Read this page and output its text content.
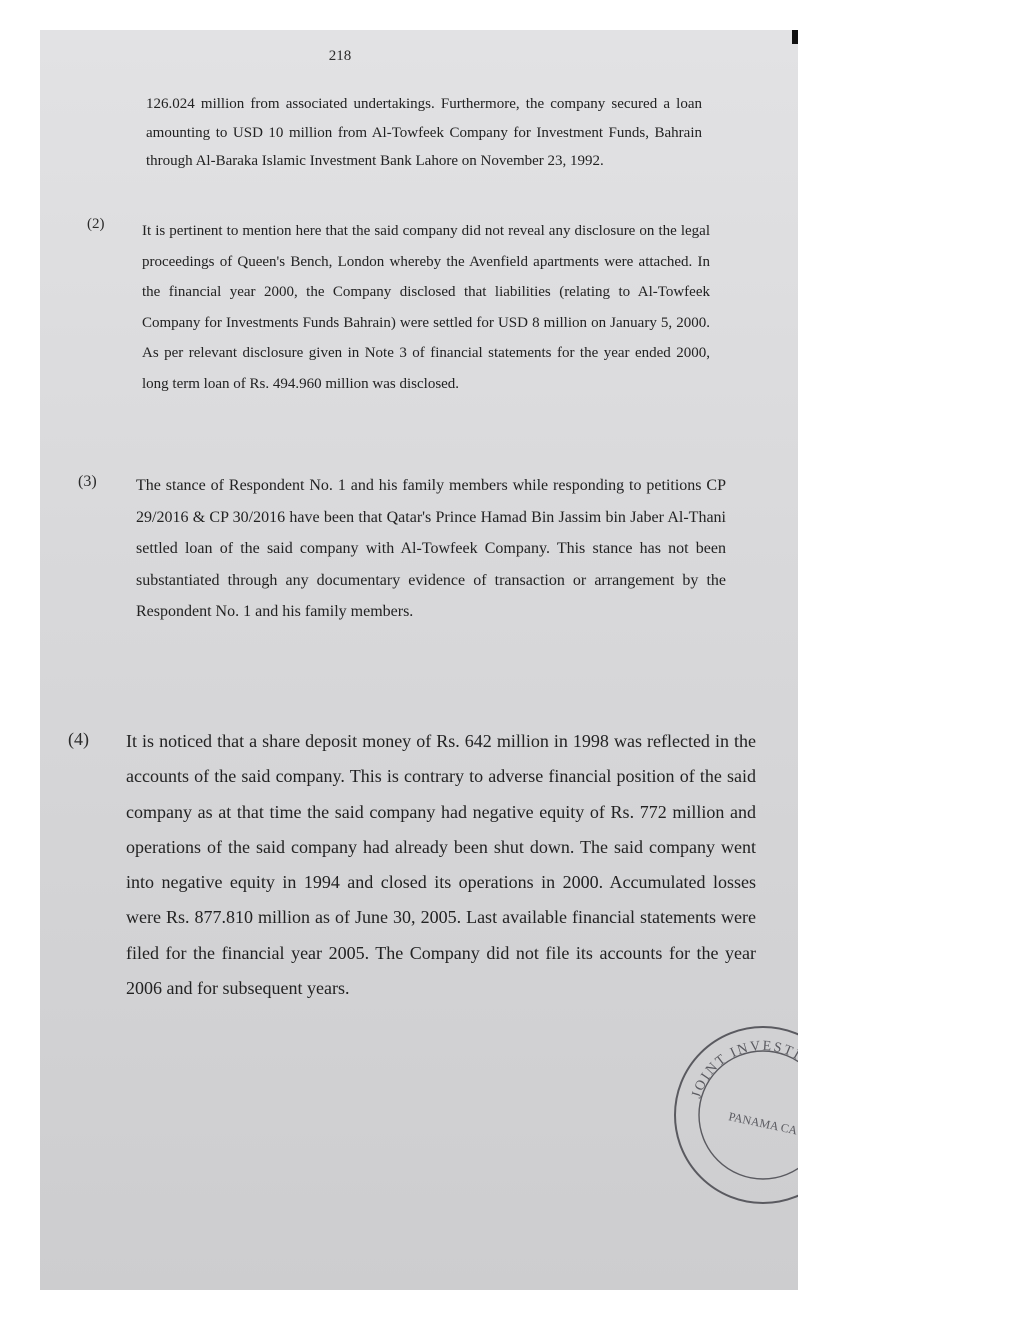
218

126.024 million from associated undertakings. Furthermore, the company secured a loan amounting to USD 10 million from Al-Towfeek Company for Investment Funds, Bahrain through Al-Baraka Islamic Investment Bank Lahore on November 23, 1992.

(2)	It is pertinent to mention here that the said company did not reveal any disclosure on the legal proceedings of Queen's Bench, London whereby the Avenfield apartments were attached. In the financial year 2000, the Company disclosed that liabilities (relating to Al-Towfeek Company for Investments Funds Bahrain) were settled for USD 8 million on January 5, 2000. As per relevant disclosure given in Note 3 of financial statements for the year ended 2000, long term loan of Rs. 494.960 million was disclosed.

(3) The stance of Respondent No. 1 and his family members while responding to petitions CP 29/2016 & CP 30/2016 have been that Qatar's Prince Hamad Bin Jassim bin Jaber Al-Thani settled loan of the said company with Al-Towfeek Company. This stance has not been substantiated through any documentary evidence of transaction or arrangement by the Respondent No. 1 and his family members.

(4) It is noticed that a share deposit money of Rs. 642 million in 1998 was reflected in the accounts of the said company. This is contrary to adverse financial position of the said company as at that time the said company had negative equity of Rs. 772 million and operations of the said company had already been shut down. The said company went into negative equity in 1994 and closed its operations in 2000. Accumulated losses were Rs. 877.810 million as of June 30, 2005. Last available financial statements were filed for the financial year 2005. The Company did not file its accounts for the year 2006 and for subsequent years.

JOINT INVESTIG
PANAMA CA
